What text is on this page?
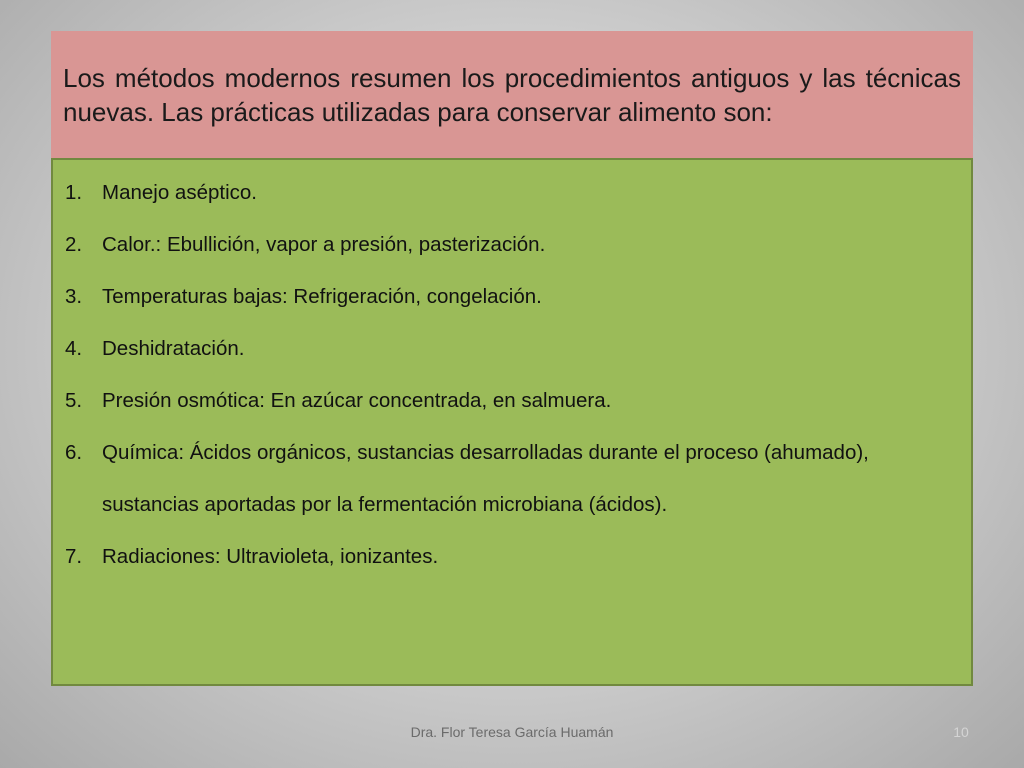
Los métodos modernos resumen los procedimientos antiguos y las técnicas nuevas. Las prácticas utilizadas para conservar alimento son:

1. Manejo aséptico.
2. Calor.: Ebullición, vapor a presión, pasterización.
3. Temperaturas bajas: Refrigeración, congelación.
4. Deshidratación.
5. Presión osmótica: En azúcar concentrada, en salmuera.
6. Química: Ácidos orgánicos, sustancias desarrolladas durante el proceso (ahumado), sustancias aportadas por la fermentación microbiana (ácidos).
7. Radiaciones: Ultravioleta, ionizantes.
Dra. Flor Teresa García Huamán	10
